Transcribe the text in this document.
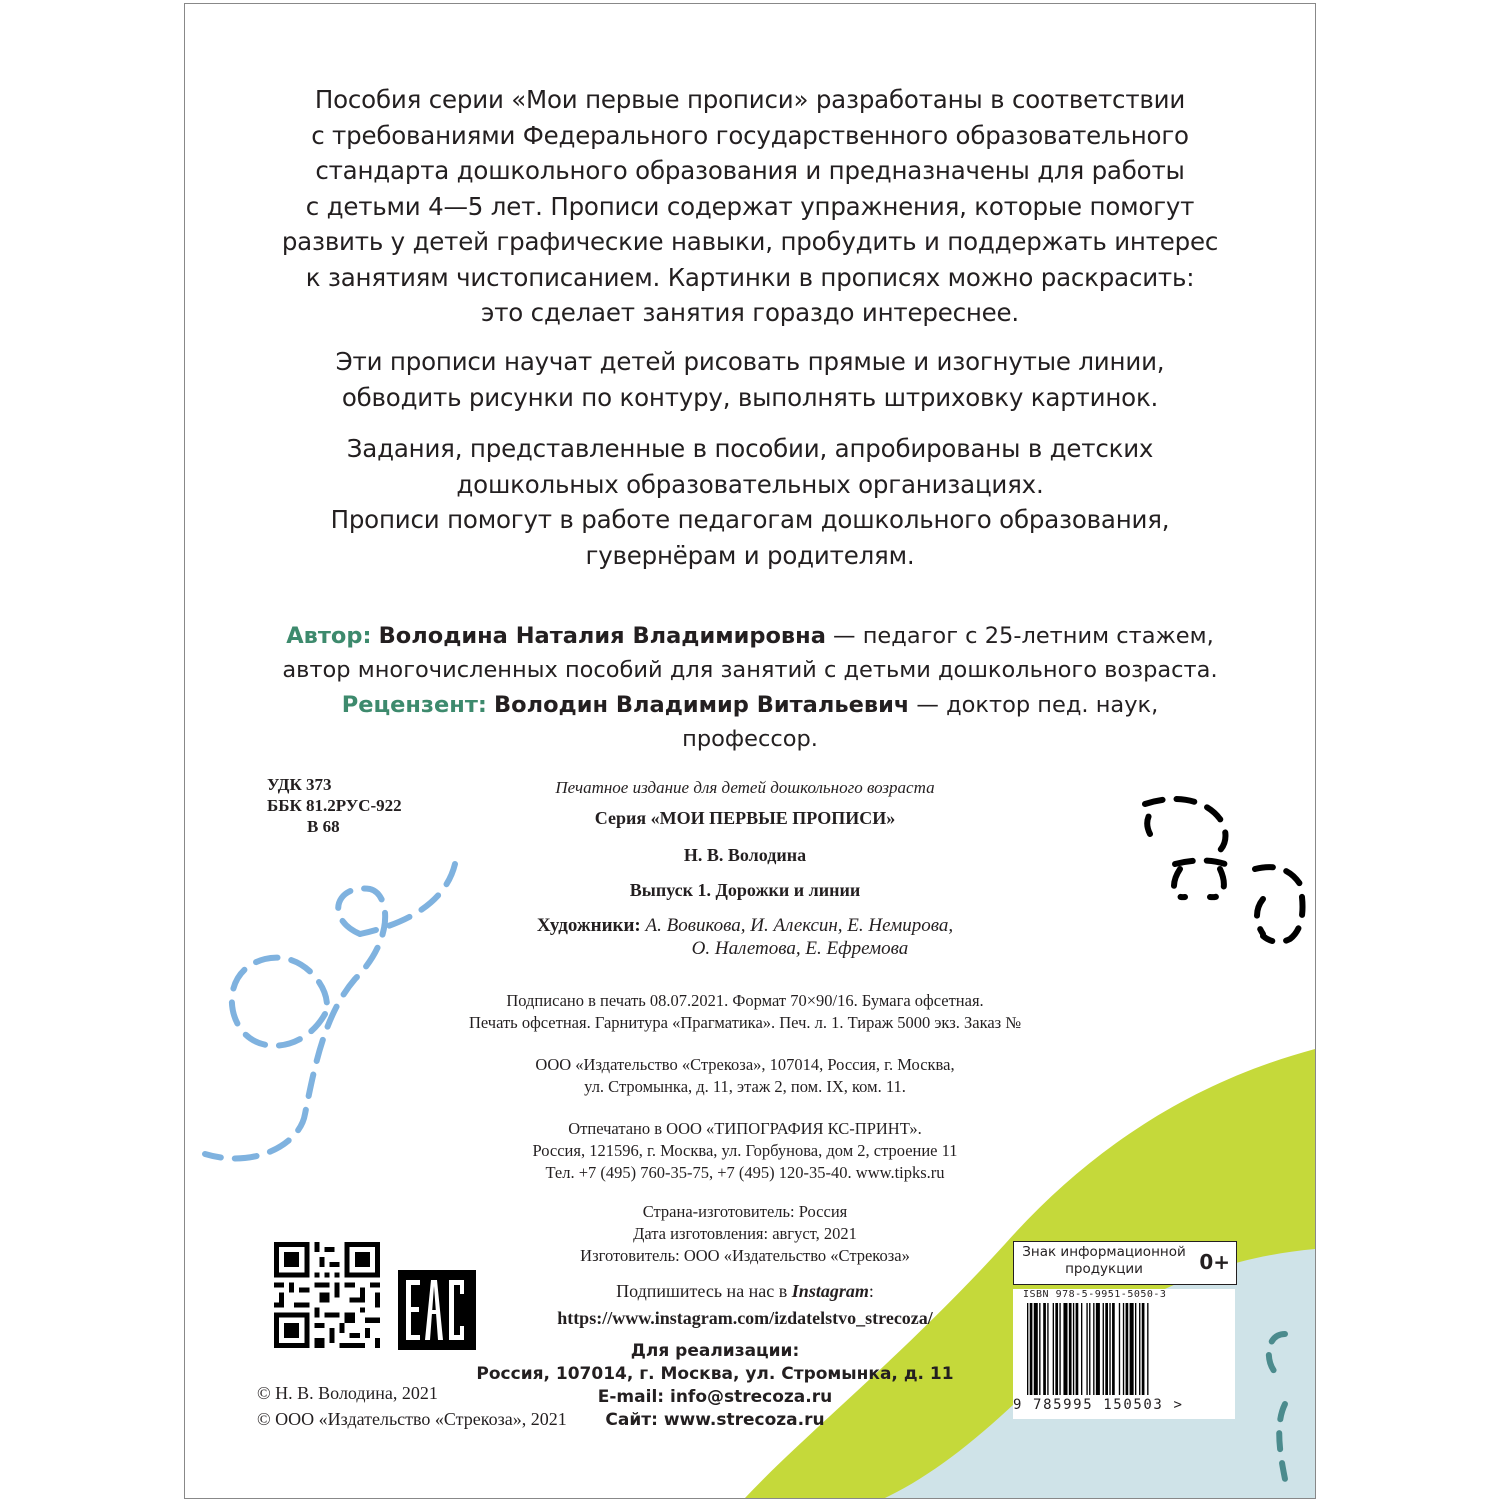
Пособия серии «Мои первые прописи» разработаны в соответствии

с требованиями Федерального государственного образовательного

стандарта дошкольного образования и предназначены для работы

с детьми 4—5 лет. Прописи содержат упражнения, которые помогут

развить у детей графические навыки, пробудить и поддержать интерес

к занятиям чистописанием. Картинки в прописях можно раскрасить:

это сделает занятия гораздо интереснее.

Эти прописи научат детей рисовать прямые и изогнутые линии,

обводить рисунки по контуру, выполнять штриховку картинок.

Задания, представленные в пособии, апробированы в детских

дошкольных образовательных организациях.

Прописи помогут в работе педагогам дошкольного образования,

гувернёрам и родителям.

Автор: Володина Наталия Владимировна — педагог с 25-летним стажем,
автор многочисленных пособий для занятий с детьми дошкольного возраста.
Рецензент: Володин Владимир Витальевич — доктор пед. наук, профессор.
УДК 373
ББК 81.2РУС-922
В 68
Печатное издание для детей дошкольного возраста
Серия «МОИ ПЕРВЫЕ ПРОПИСИ»
Н. В. Володина
Выпуск 1. Дорожки и линии
Художники: А. Вовикова, И. Алексин, Е. Немирова,
О. Налетова, Е. Ефремова
Подписано в печать 08.07.2021. Формат 70×90/16. Бумага офсетная.
Печать офсетная. Гарнитура «Прагматика». Печ. л. 1. Тираж 5000 экз. Заказ №
ООО «Издательство «Стрекоза», 107014, Россия, г. Москва,
ул. Стромынка, д. 11, этаж 2, пом. IX, ком. 11.
Отпечатано в ООО «ТИПОГРАФИЯ КС-ПРИНТ».
Россия, 121596, г. Москва, ул. Горбунова, дом 2, строение 11
Тел. +7 (495) 760-35-75, +7 (495) 120-35-40. www.tipks.ru
Страна-изготовитель: Россия
Дата изготовления: август, 2021
Изготовитель: ООО «Издательство «Стрекоза»
Подпишитесь на нас в Instagram:
https://www.instagram.com/izdatelstvo_strecoza/
Для реализации:
Россия, 107014, г. Москва, ул. Стромынка, д. 11
E-mail: info@strecoza.ru
Сайт: www.strecoza.ru
© Н. В. Володина, 2021
© ООО «Издательство «Стрекоза», 2021
Знак информационной продукции	0+
ISBN 978-5-9951-5050-3
9 785995 150503 >
